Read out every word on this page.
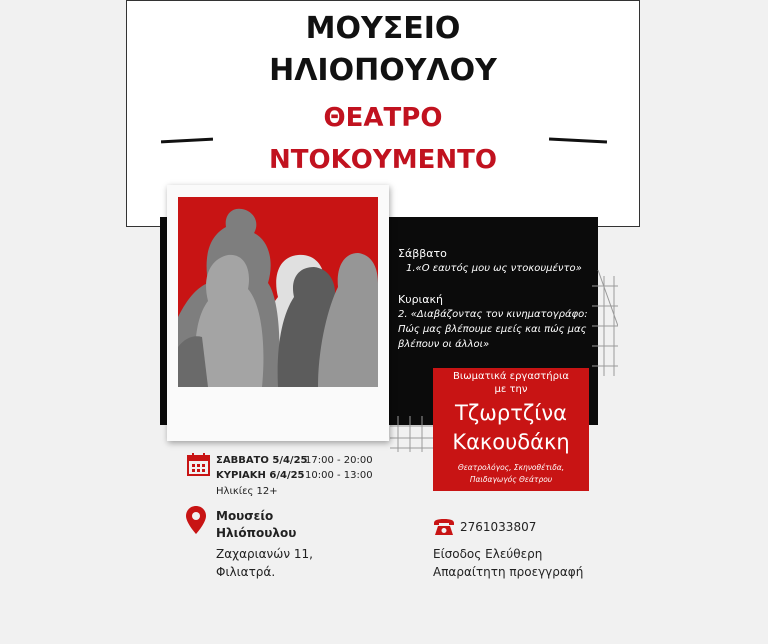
ΜΟΥΣΕΙΟ
ΗΛΙΟΠΟΥΛΟΥ
ΘΕΑΤΡΟ
ΝΤΟΚΟΥΜΕΝΤΟ
Σάββατο
1.«Ο εαυτός μου ως ντοκουμέντο»
Κυριακή
2. «Διαβάζοντας τον κινηματογράφο:
Πώς μας βλέπουμε εμείς και πώς μας
βλέπουν οι άλλοι»
Βιωματικά εργαστήρια
με την
Τζωρτζίνα
Κακουδάκη
Θεατρολόγος, Σκηνοθέτιδα,
Παιδαγωγός Θεάτρου
ΣΑΒΒΑΤΟ 5/4/25
17:00 - 20:00
ΚΥΡΙΑΚΗ 6/4/25 10:00 - 13:00
Ηλικίες 12+
Μουσείο
Ηλιόπουλου
Ζαχαριανών 11,
Φιλιατρά.
2761033807
Είσοδος Ελεύθερη
Απαραίτητη προεγγραφή
